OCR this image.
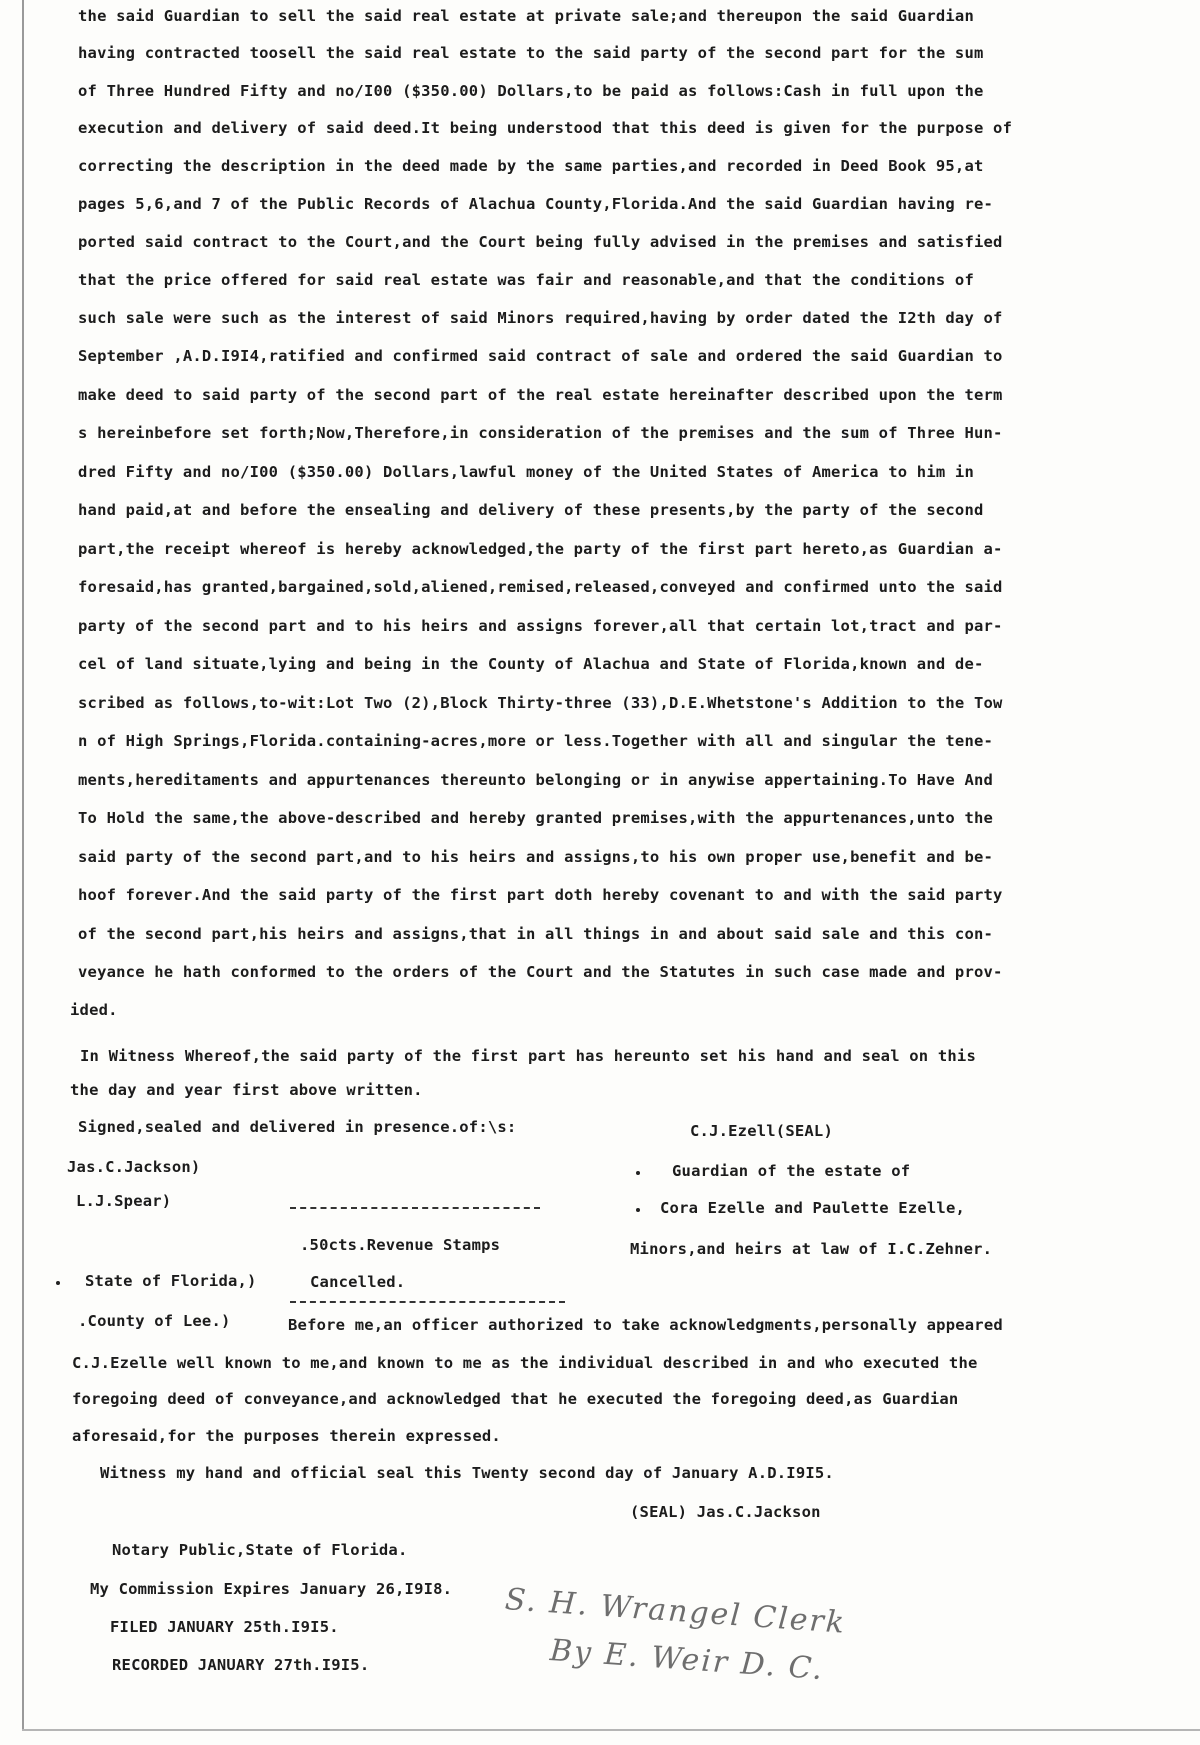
the said Guardian to sell the said real estate at private sale;and thereupon the said Guardian
having contracted toosell the said real estate to the said party of the second part for the sum
of Three Hundred Fifty and no/I00 ($350.00) Dollars,to be paid as follows:Cash in full upon the
execution and delivery of said deed.It being understood that this deed is given for the purpose of
correcting the description in the deed made by the same parties,and recorded in Deed Book 95,at
pages 5,6,and 7 of the Public Records of Alachua County,Florida.And the said Guardian having re-
ported said contract to the Court,and the Court being fully advised in the premises and satisfied
that the price offered for said real estate was fair and reasonable,and that the conditions of
such sale were such as the interest of said Minors required,having by order dated the I2th day of
September ,A.D.I9I4,ratified and confirmed said contract of sale and ordered the said Guardian to
make deed to said party of the second part of the real estate hereinafter described upon the term
s hereinbefore set forth;Now,Therefore,in consideration of the premises and the sum of Three Hun-
dred Fifty and no/I00 ($350.00) Dollars,lawful money of the United States of America to him in
hand paid,at and before the ensealing and delivery of these presents,by the party of the second
part,the receipt whereof is hereby acknowledged,the party of the first part hereto,as Guardian a-
foresaid,has granted,bargained,sold,aliened,remised,released,conveyed and confirmed unto the said
party of the second part and to his heirs and assigns forever,all that certain lot,tract and par-
cel of land situate,lying and being in the County of Alachua and State of Florida,known and de-
scribed as follows,to-wit:Lot Two (2),Block Thirty-three (33),D.E.Whetstone's Addition to the Tow
n of High Springs,Florida.containing-acres,more or less.Together with all and singular the tene-
ments,hereditaments and appurtenances thereunto belonging or in anywise appertaining.To Have And
To Hold the same,the above-described and hereby granted premises,with the appurtenances,unto the
said party of the second part,and to his heirs and assigns,to his own proper use,benefit and be-
hoof forever.And the said party of the first part doth hereby covenant to and with the said party
of the second part,his heirs and assigns,that in all things in and about said sale and this con-
veyance he hath conformed to the orders of the Court and the Statutes in such case made and prov-
ided.
In Witness Whereof,the said party of the first part has hereunto set his hand and seal on this
the day and year first above written.
Signed,sealed and delivered in presence.of:\s:	C.J.Ezell(SEAL)
Jas.C.Jackson)
L.J.Spear)
Guardian of the estate of
Cora Ezelle and Paulette Ezelle,
Minors,and heirs at law of I.C.Zehner.
.50cts.Revenue Stamps
Cancelled.
State of Florida,)
.County of Lee.)	Before me,an officer authorized to take acknowledgments,personally appeared
C.J.Ezelle well known to me,and known to me as the individual described in and who executed the
foregoing deed of conveyance,and acknowledged that he executed the foregoing deed,as Guardian
aforesaid,for the purposes therein expressed.
Witness my hand and official seal this Twenty second day of January A.D.I9I5.
(SEAL) Jas.C.Jackson
Notary Public,State of Florida.
My Commission Expires January 26,I9I8.
FILED JANUARY 25th.I9I5.
RECORDED JANUARY 27th.I9I5.
S. H. Wrangel Clerk
By E. Weir D. C.
